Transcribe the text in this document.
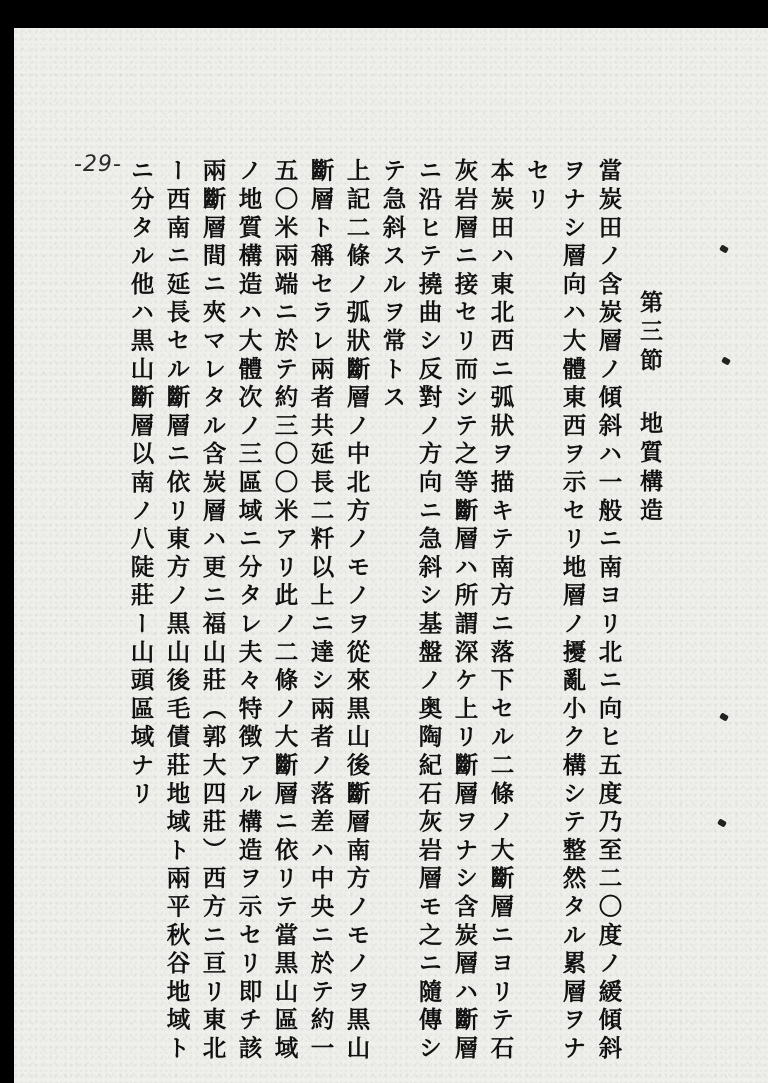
-29-
第三節地質構造
當炭田ノ含炭層ノ傾斜ハ一般ニ南ヨリ北ニ向ヒ五度乃至二〇度ノ緩傾斜
ヲナシ層向ハ大體東西ヲ示セリ地層ノ擾亂小ク構シテ整然タル累層ヲナ
セリ
本炭田ハ東北西ニ弧狀ヲ描キテ南方ニ落下セル二條ノ大斷層ニヨリテ石
灰岩層ニ接セリ而シテ之等斷層ハ所謂深ケ上リ斷層ヲナシ含炭層ハ斷層
ニ沿ヒテ撓曲シ反對ノ方向ニ急斜シ基盤ノ奥陶紀石灰岩層モ之ニ隨傳シ
テ急斜スルヲ常トス
上記二條ノ弧狀斷層ノ中北方ノモノヲ從來黒山後斷層南方ノモノヲ黒山
斷層ト稱セラレ兩者共延長二粁以上ニ達シ兩者ノ落差ハ中央ニ於テ約一
五〇米兩端ニ於テ約三〇〇米アリ此ノ二條ノ大斷層ニ依リテ當黒山區域
ノ地質構造ハ大體次ノ三區域ニ分タレ夫々特徴アル構造ヲ示セリ即チ該
兩斷層間ニ夾マレタル含炭層ハ更ニ福山莊（郭大四莊）西方ニ亘リ東北
ー西南ニ延長セル斷層ニ依リ東方ノ黒山後毛債莊地域ト兩平秋谷地域ト
ニ分タル他ハ黒山斷層以南ノ八陡莊ー山頭區域ナリ
